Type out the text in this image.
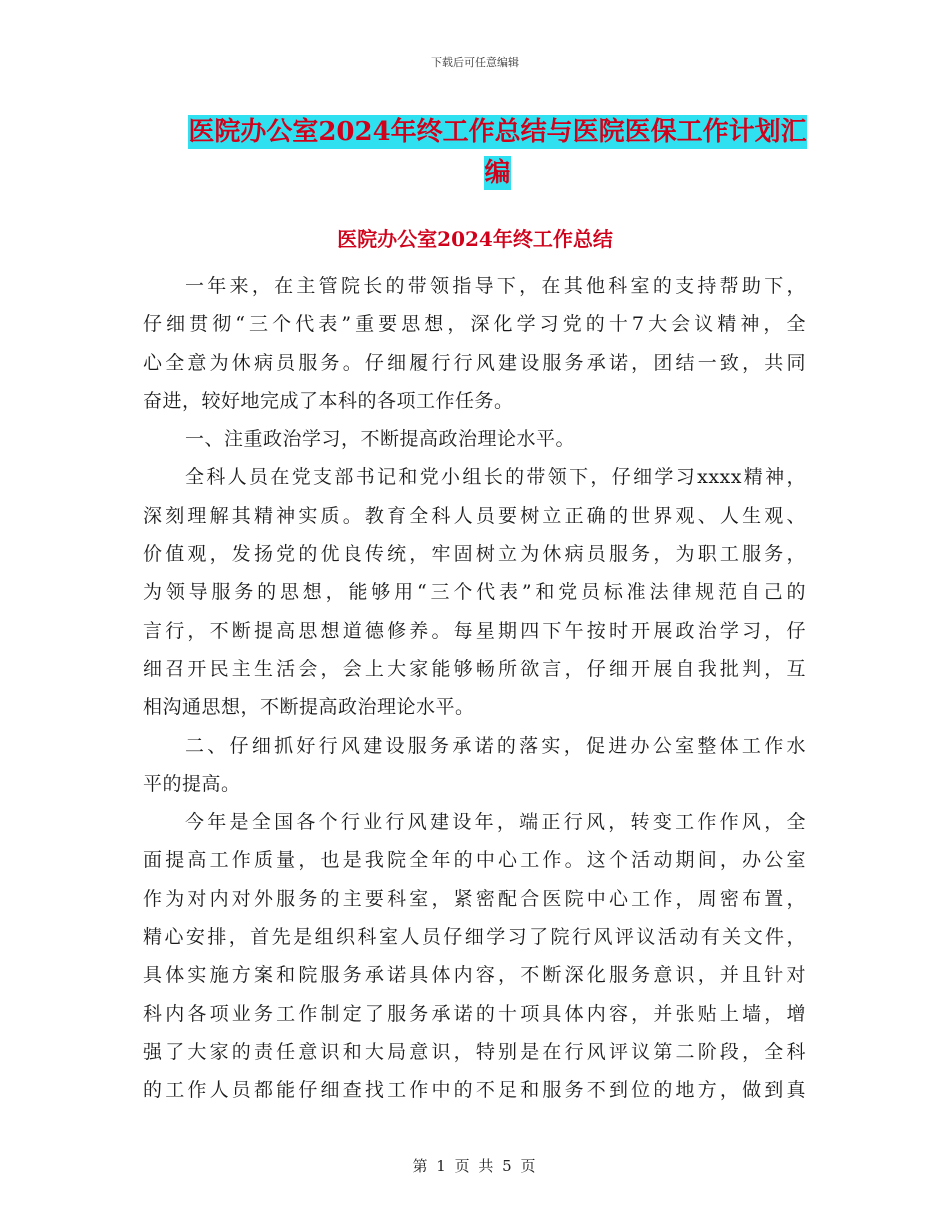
下载后可任意编辑
医院办公室2024年终工作总结与医院医保工作计划汇
编
医院办公室2024年终工作总结
一年来，在主管院长的带领指导下，在其他科室的支持帮助下，
仔细贯彻“三个代表”重要思想，深化学习党的十7大会议精神，全
心全意为休病员服务。仔细履行行风建设服务承诺，团结一致，共同
奋进，较好地完成了本科的各项工作任务。
一、注重政治学习，不断提高政治理论水平。
全科人员在党支部书记和党小组长的带领下，仔细学习xxxx精神，
深刻理解其精神实质。教育全科人员要树立正确的世界观、人生观、
价值观，发扬党的优良传统，牢固树立为休病员服务，为职工服务，
为领导服务的思想，能够用“三个代表”和党员标准法律规范自己的
言行，不断提高思想道德修养。每星期四下午按时开展政治学习，仔
细召开民主生活会，会上大家能够畅所欲言，仔细开展自我批判，互
相沟通思想，不断提高政治理论水平。
二、仔细抓好行风建设服务承诺的落实，促进办公室整体工作水
平的提高。
今年是全国各个行业行风建设年，端正行风，转变工作作风，全
面提高工作质量，也是我院全年的中心工作。这个活动期间，办公室
作为对内对外服务的主要科室，紧密配合医院中心工作，周密布置，
精心安排，首先是组织科室人员仔细学习了院行风评议活动有关文件，
具体实施方案和院服务承诺具体内容，不断深化服务意识，并且针对
科内各项业务工作制定了服务承诺的十项具体内容，并张贴上墙，增
强了大家的责任意识和大局意识，特别是在行风评议第二阶段，全科
的工作人员都能仔细查找工作中的不足和服务不到位的地方，做到真
第 1 页 共 5 页
